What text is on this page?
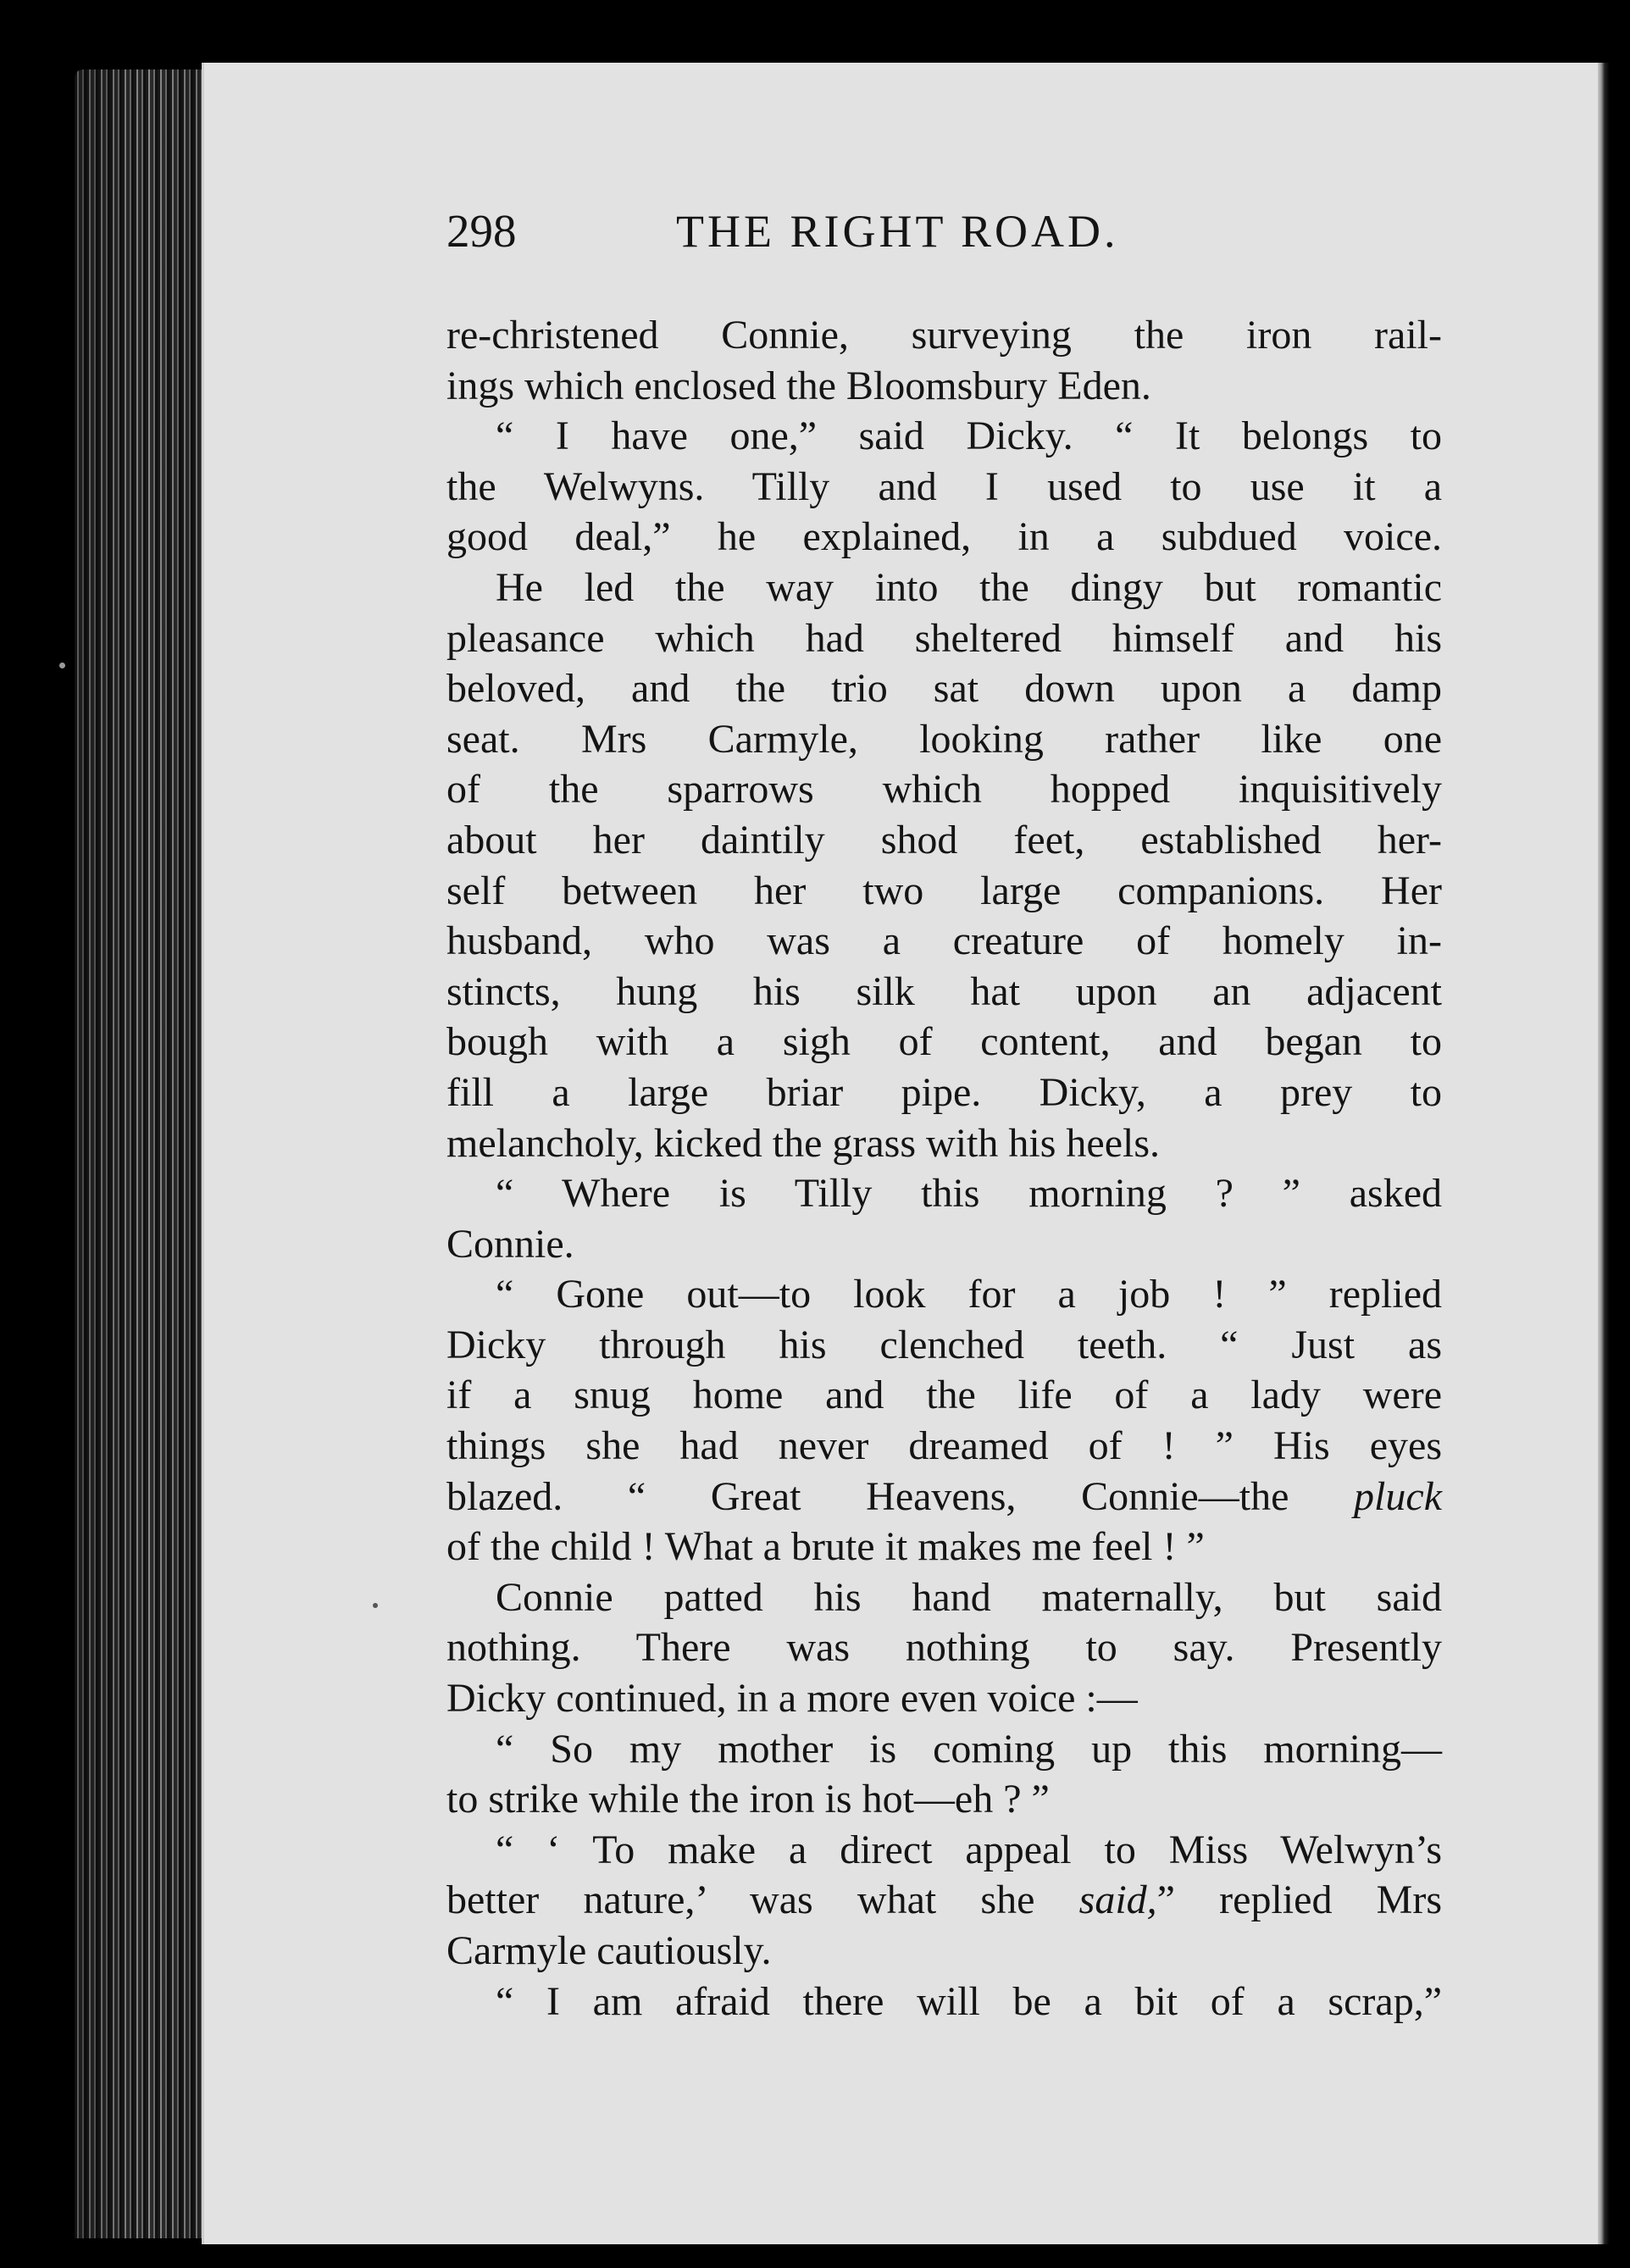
298	THE RIGHT ROAD.
re-christened Connie, surveying the iron rail-
ings which enclosed the Bloomsbury Eden.
“ I have one,” said Dicky. “ It belongs to
the Welwyns. Tilly and I used to use it a
good deal,” he explained, in a subdued voice.
He led the way into the dingy but romantic
pleasance which had sheltered himself and his
beloved, and the trio sat down upon a damp
seat. Mrs Carmyle, looking rather like one
of the sparrows which hopped inquisitively
about her daintily shod feet, established her-
self between her two large companions. Her
husband, who was a creature of homely in-
stincts, hung his silk hat upon an adjacent
bough with a sigh of content, and began to
fill a large briar pipe. Dicky, a prey to
melancholy, kicked the grass with his heels.
“ Where is Tilly this morning ? ” asked
Connie.
“ Gone out—to look for a job ! ” replied
Dicky through his clenched teeth. “ Just as
if a snug home and the life of a lady were
things she had never dreamed of ! ” His eyes
blazed. “ Great Heavens, Connie—the pluck
of the child ! What a brute it makes me feel ! ”
Connie patted his hand maternally, but said
nothing. There was nothing to say. Presently
Dicky continued, in a more even voice :—
“ So my mother is coming up this morning—
to strike while the iron is hot—eh ? ”
“ ‘ To make a direct appeal to Miss Welwyn’s
better nature,’ was what she said,” replied Mrs
Carmyle cautiously.
“ I am afraid there will be a bit of a scrap,”
